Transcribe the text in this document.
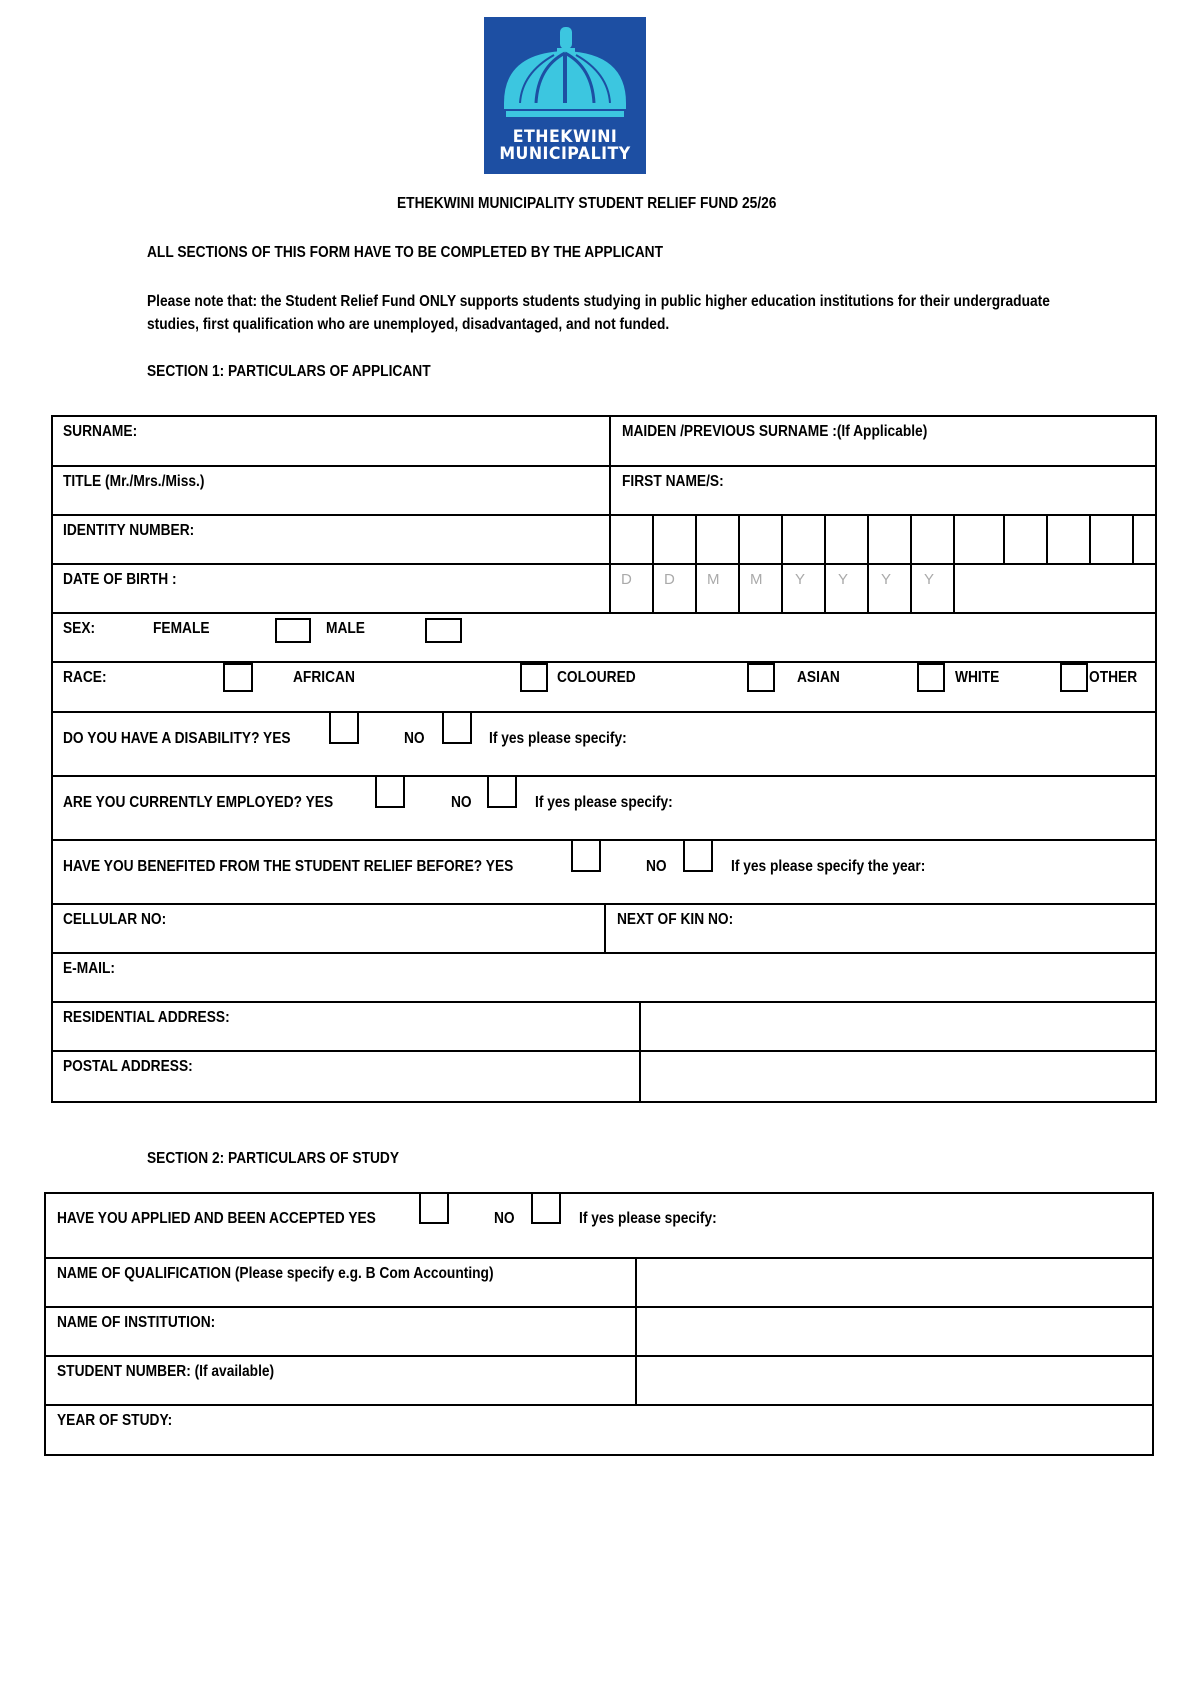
ETHEKWINI
MUNICIPALITY
ETHEKWINI MUNICIPALITY STUDENT RELIEF FUND 25/26
ALL SECTIONS OF THIS FORM HAVE TO BE COMPLETED BY THE APPLICANT
Please note that: the Student Relief Fund ONLY supports students studying in public higher education institutions for their undergraduate studies, first qualification who are unemployed, disadvantaged, and not funded.
SECTION 1: PARTICULARS OF APPLICANT
SURNAME:	MAIDEN /PREVIOUS SURNAME :(If Applicable)
TITLE (Mr./Mrs./Miss.)	FIRST NAME/S:
IDENTITY NUMBER:
DATE OF BIRTH :	D D M M Y Y Y Y
SEX:	FEMALE	MALE
RACE:	AFRICAN	COLOURED	ASIAN	WHITE	OTHER
DO YOU HAVE A DISABILITY? YES	NO	If yes please specify:
ARE YOU CURRENTLY EMPLOYED? YES	NO	If yes please specify:
HAVE YOU BENEFITED FROM THE STUDENT RELIEF BEFORE? YES	NO	If yes please specify the year:
CELLULAR NO:	NEXT OF KIN NO:
E-MAIL:
RESIDENTIAL ADDRESS:
POSTAL ADDRESS:
SECTION 2: PARTICULARS OF STUDY
HAVE YOU APPLIED AND BEEN ACCEPTED YES	NO	If yes please specify:
NAME OF QUALIFICATION (Please specify e.g. B Com Accounting)
NAME OF INSTITUTION:
STUDENT NUMBER: (If available)
YEAR OF STUDY:
